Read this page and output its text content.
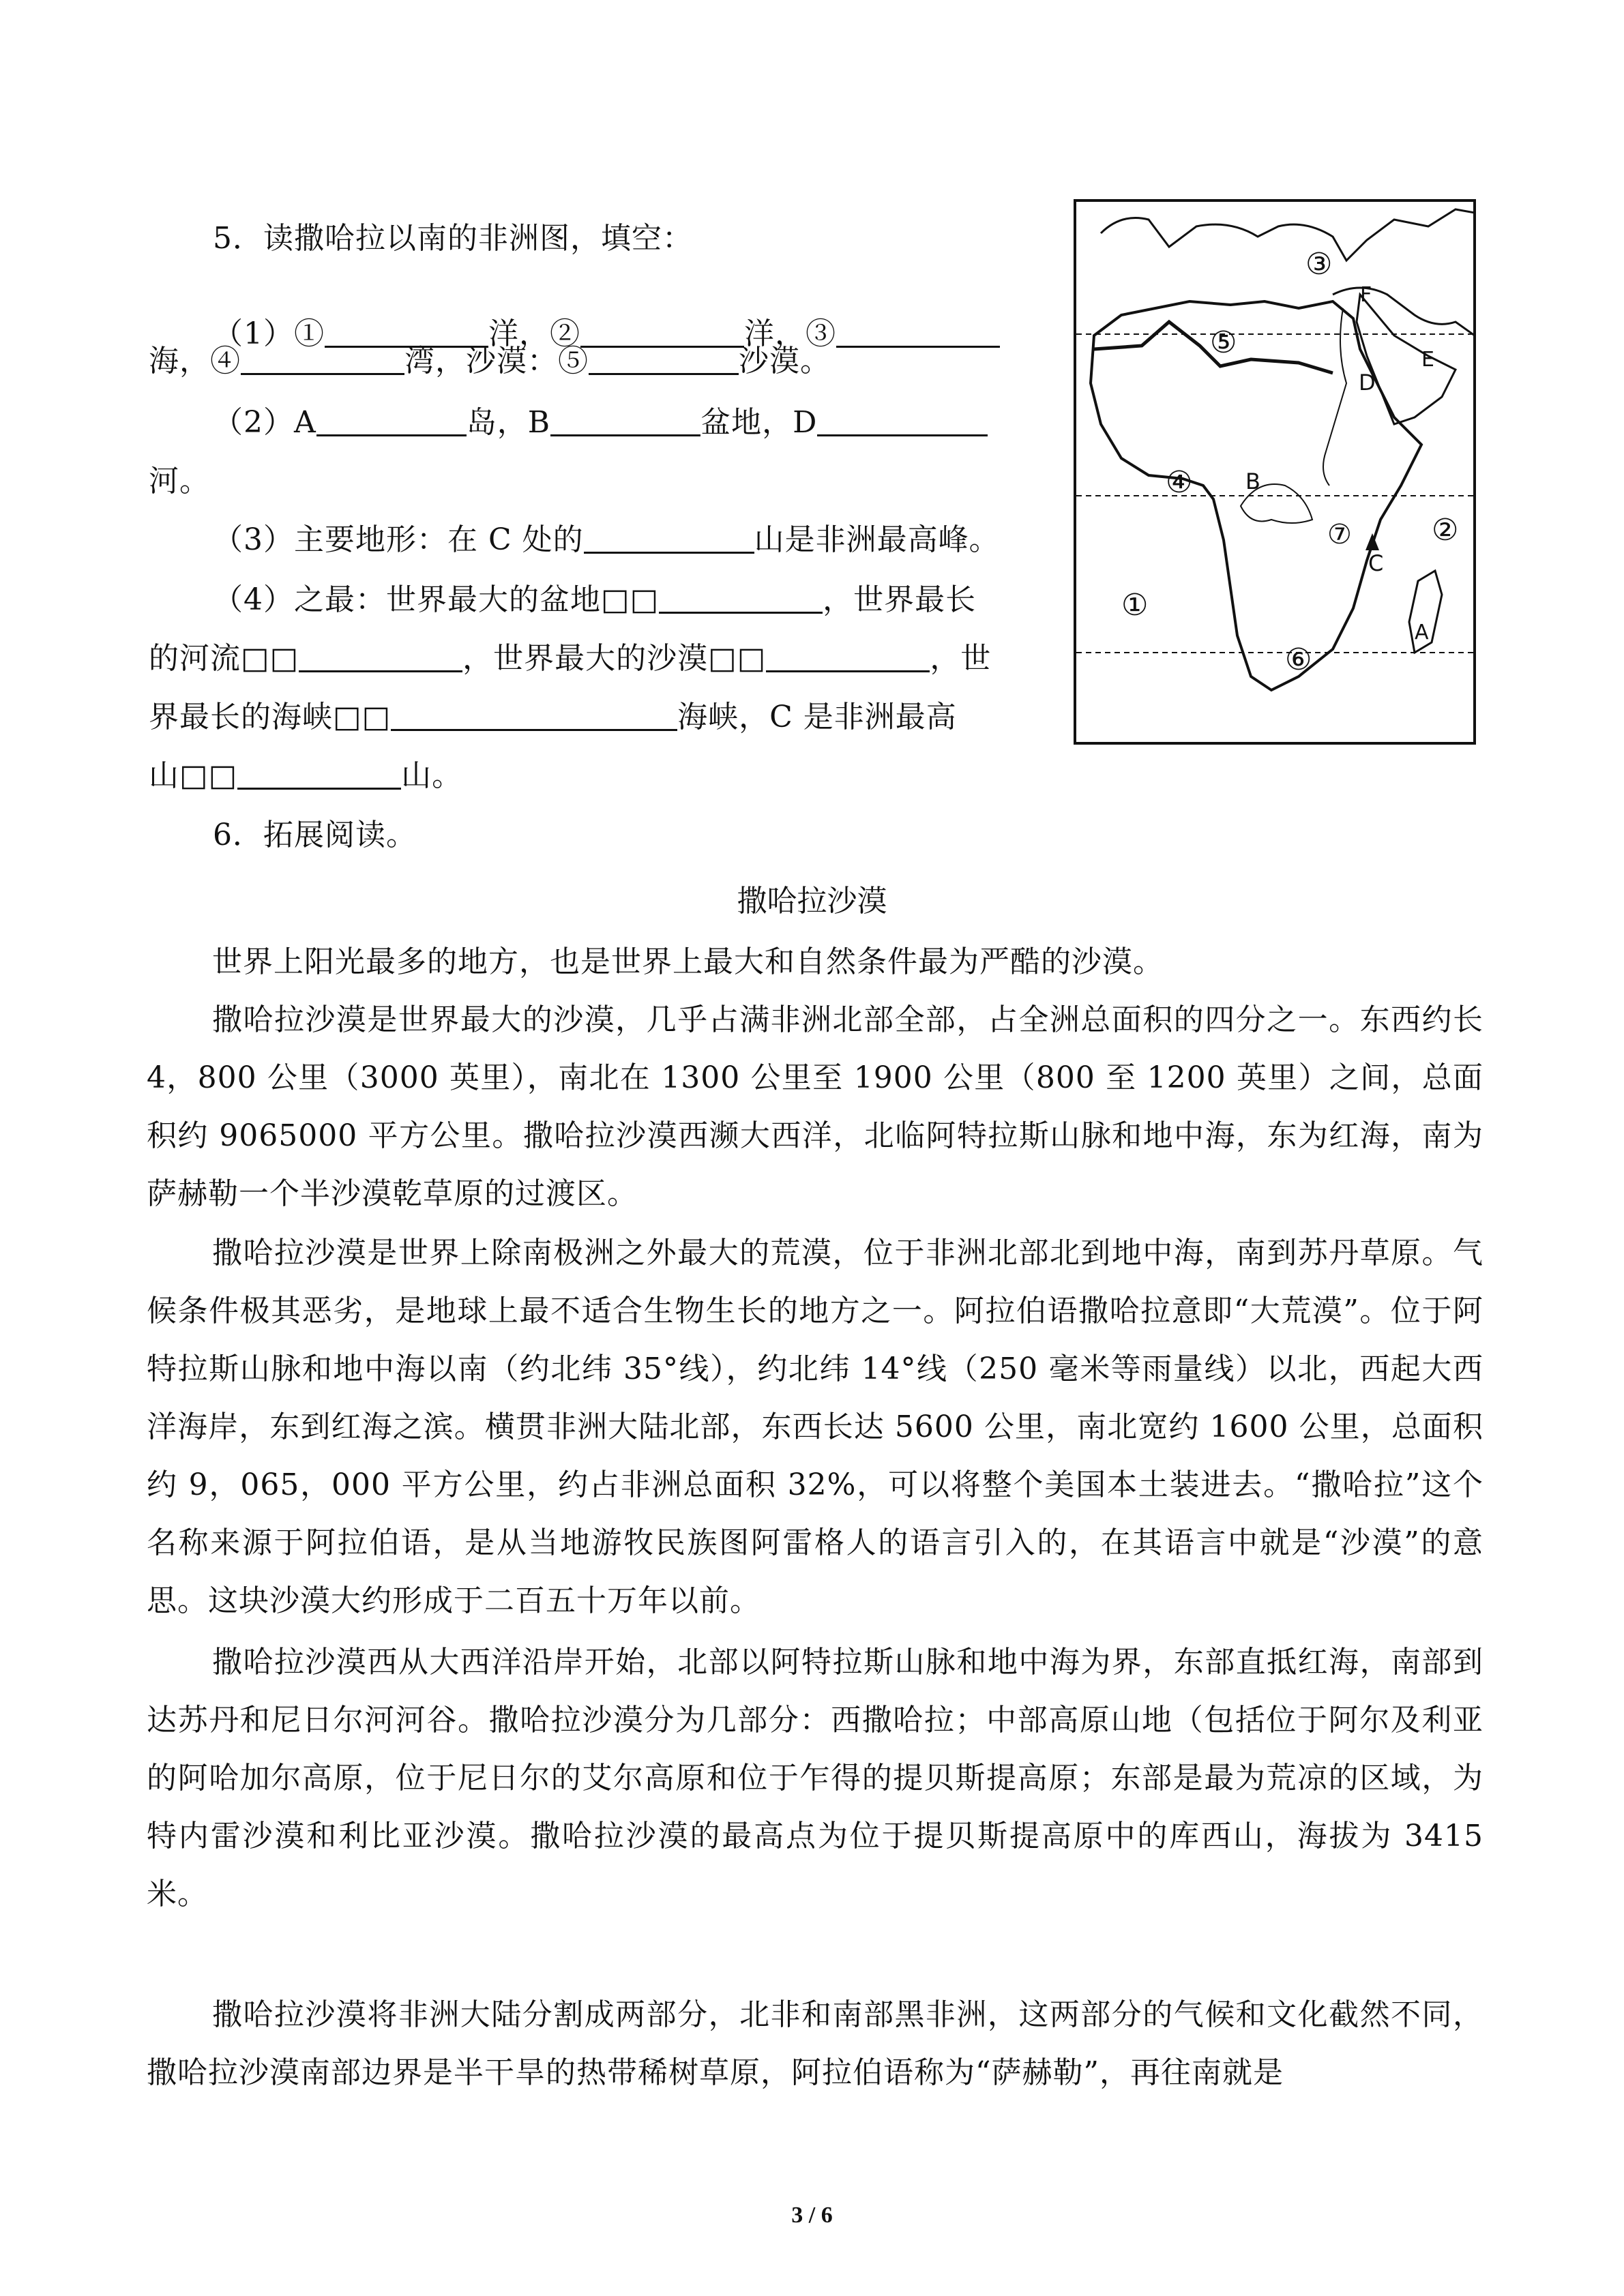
5．读撒哈拉以南的非洲图，填空：
（1）①	洋，②	洋，③
海，④	湾，沙漠：⑤	沙漠。
（2）A	岛，B	盆地，D
河。
（3）主要地形：在 C 处的	山是非洲最高峰。
（4）之最：世界最大的盆地□□	，世界最长
的河流□□	，世界最大的沙漠□□	，世
界最长的海峡□□	海峡，C 是非洲最高
山□□	山。
①
②
③
④
⑤
⑥
⑦
A
B
C
D
E
F
6．拓展阅读。
撒哈拉沙漠
世界上阳光最多的地方，也是世界上最大和自然条件最为严酷的沙漠。
撒哈拉沙漠是世界最大的沙漠，几乎占满非洲北部全部，占全洲总面积的四分之一。东西约长 4，800 公里（3000 英里），南北在 1300 公里至 1900 公里（800 至 1200 英里）之间，总面积约 9065000 平方公里。撒哈拉沙漠西濒大西洋，北临阿特拉斯山脉和地中海，东为红海，南为萨赫勒一个半沙漠乾草原的过渡区。
撒哈拉沙漠是世界上除南极洲之外最大的荒漠，位于非洲北部北到地中海，南到苏丹草原。气候条件极其恶劣，是地球上最不适合生物生长的地方之一。阿拉伯语撒哈拉意即“大荒漠”。位于阿特拉斯山脉和地中海以南（约北纬 35°线），约北纬 14°线（250 毫米等雨量线）以北，西起大西洋海岸，东到红海之滨。横贯非洲大陆北部，东西长达 5600 公里，南北宽约 1600 公里，总面积约 9，065，000 平方公里，约占非洲总面积 32%，可以将整个美国本土装进去。“撒哈拉”这个名称来源于阿拉伯语，是从当地游牧民族图阿雷格人的语言引入的，在其语言中就是“沙漠”的意思。这块沙漠大约形成于二百五十万年以前。
撒哈拉沙漠西从大西洋沿岸开始，北部以阿特拉斯山脉和地中海为界，东部直抵红海，南部到达苏丹和尼日尔河河谷。撒哈拉沙漠分为几部分：西撒哈拉；中部高原山地（包括位于阿尔及利亚的阿哈加尔高原，位于尼日尔的艾尔高原和位于乍得的提贝斯提高原；东部是最为荒凉的区域，为特内雷沙漠和利比亚沙漠。撒哈拉沙漠的最高点为位于提贝斯提高原中的库西山，海拔为 3415 米。
撒哈拉沙漠将非洲大陆分割成两部分，北非和南部黑非洲，这两部分的气候和文化截然不同，撒哈拉沙漠南部边界是半干旱的热带稀树草原，阿拉伯语称为“萨赫勒”，再往南就是
3 / 6
